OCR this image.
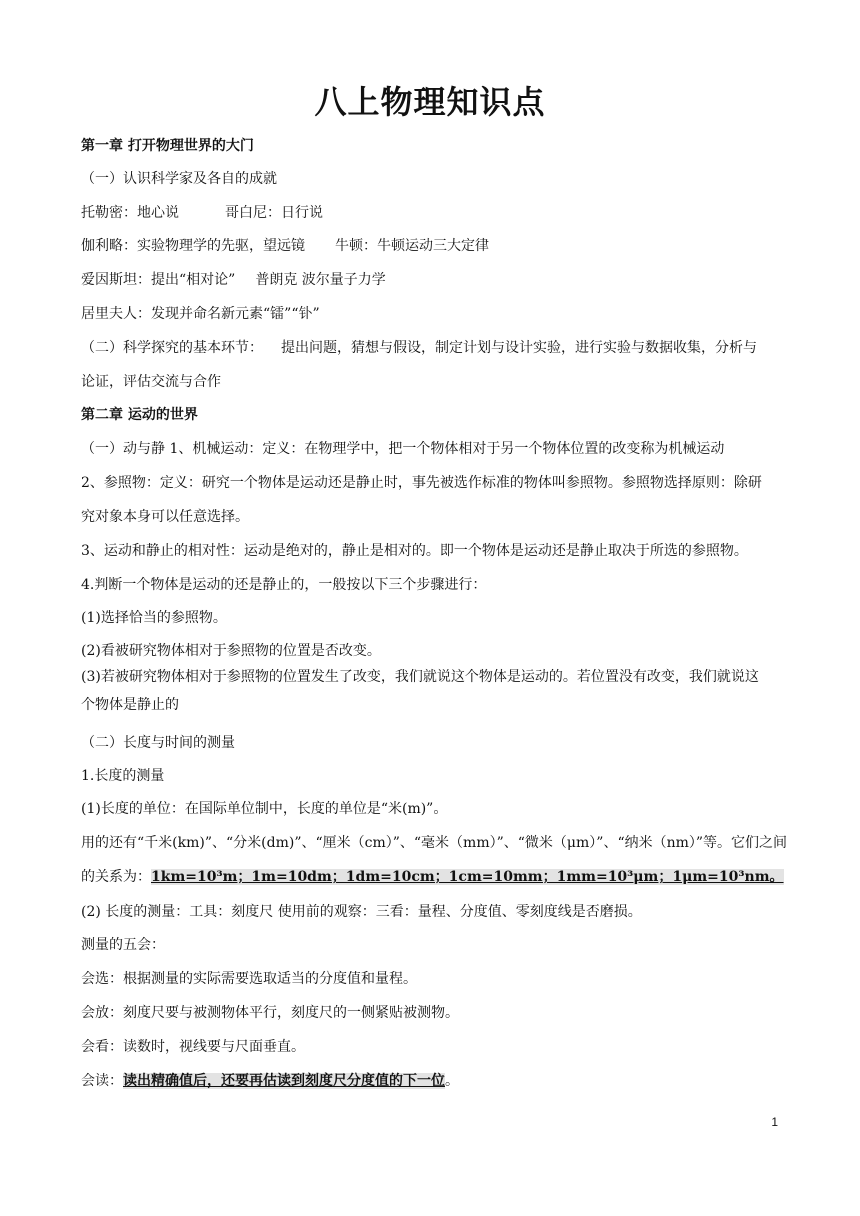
八上物理知识点
第一章 打开物理世界的大门
（一）认识科学家及各自的成就
托勒密：地心说	哥白尼：日行说
伽利略：实验物理学的先驱，望远镜 牛顿：牛顿运动三大定律
爱因斯坦：提出“相对论” 普朗克 波尔量子力学
居里夫人：发现并命名新元素“镭”“钋”
（二）科学探究的基本环节： 提出问题，猜想与假设，制定计划与设计实验，进行实验与数据收集，分析与
论证，评估交流与合作
第二章 运动的世界
（一）动与静 1、机械运动：定义：在物理学中，把一个物体相对于另一个物体位置的改变称为机械运动
2、参照物：定义：研究一个物体是运动还是静止时，事先被选作标准的物体叫参照物。参照物选择原则：除研
究对象本身可以任意选择。
3、运动和静止的相对性：运动是绝对的，静止是相对的。即一个物体是运动还是静止取决于所选的参照物。
4.判断一个物体是运动的还是静止的，一般按以下三个步骤进行：
(1)选择恰当的参照物。
(2)看被研究物体相对于参照物的位置是否改变。
(3)若被研究物体相对于参照物的位置发生了改变，我们就说这个物体是运动的。若位置没有改变，我们就说这
个物体是静止的
（二）长度与时间的测量
1.长度的测量
(1)长度的单位：在国际单位制中，长度的单位是“米(m)”。
用的还有“千米(km)”、“分米(dm)”、“厘米（cm）”、“毫米（mm）”、“微米（μm）”、“纳米（nm）”等。它们之间
的关系为：1km=10³m；1m=10dm；1dm=10cm；1cm=10mm；1mm=10³μm；1μm=10³nm。
(2) 长度的测量：工具：刻度尺 使用前的观察：三看：量程、分度值、零刻度线是否磨损。
测量的五会：
会选：根据测量的实际需要选取适当的分度值和量程。
会放：刻度尺要与被测物体平行，刻度尺的一侧紧贴被测物。
会看：读数时，视线要与尺面垂直。
会读：读出精确值后，还要再估读到刻度尺分度值的下一位。
1
